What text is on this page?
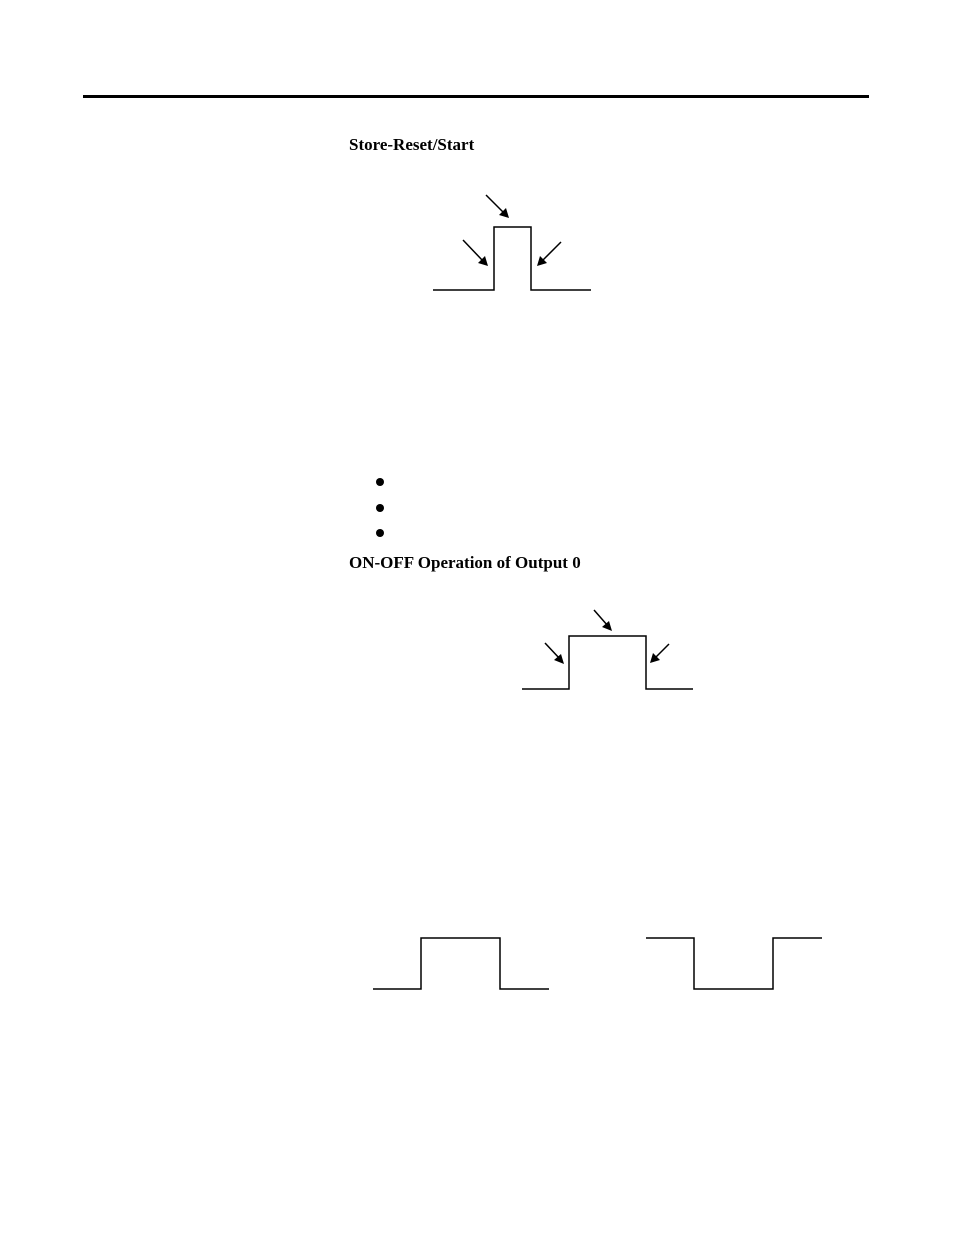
Store-Reset/Start
ON-OFF Operation of Output 0
